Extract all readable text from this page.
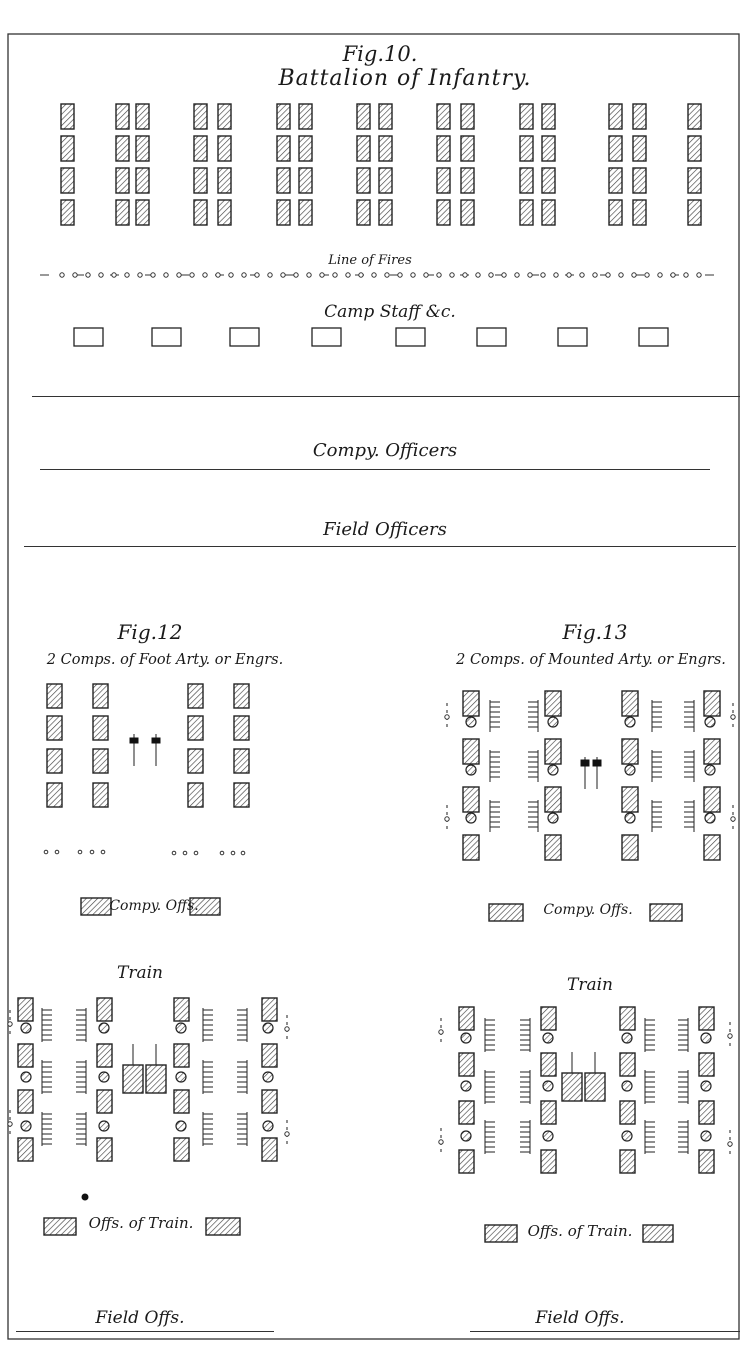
Fig.10.
Battalion of Infantry.
Line of Fires
Camp Staff &c.
Compy. Officers
Field Officers
Fig.12
2 Comps. of Foot Arty. or Engrs.
Compy. Offs.
Train
Offs. of Train.
Field Offs.
Fig.13
2 Comps. of Mounted Arty. or Engrs.
Compy. Offs.
Train
Offs. of Train.
Field Offs.
